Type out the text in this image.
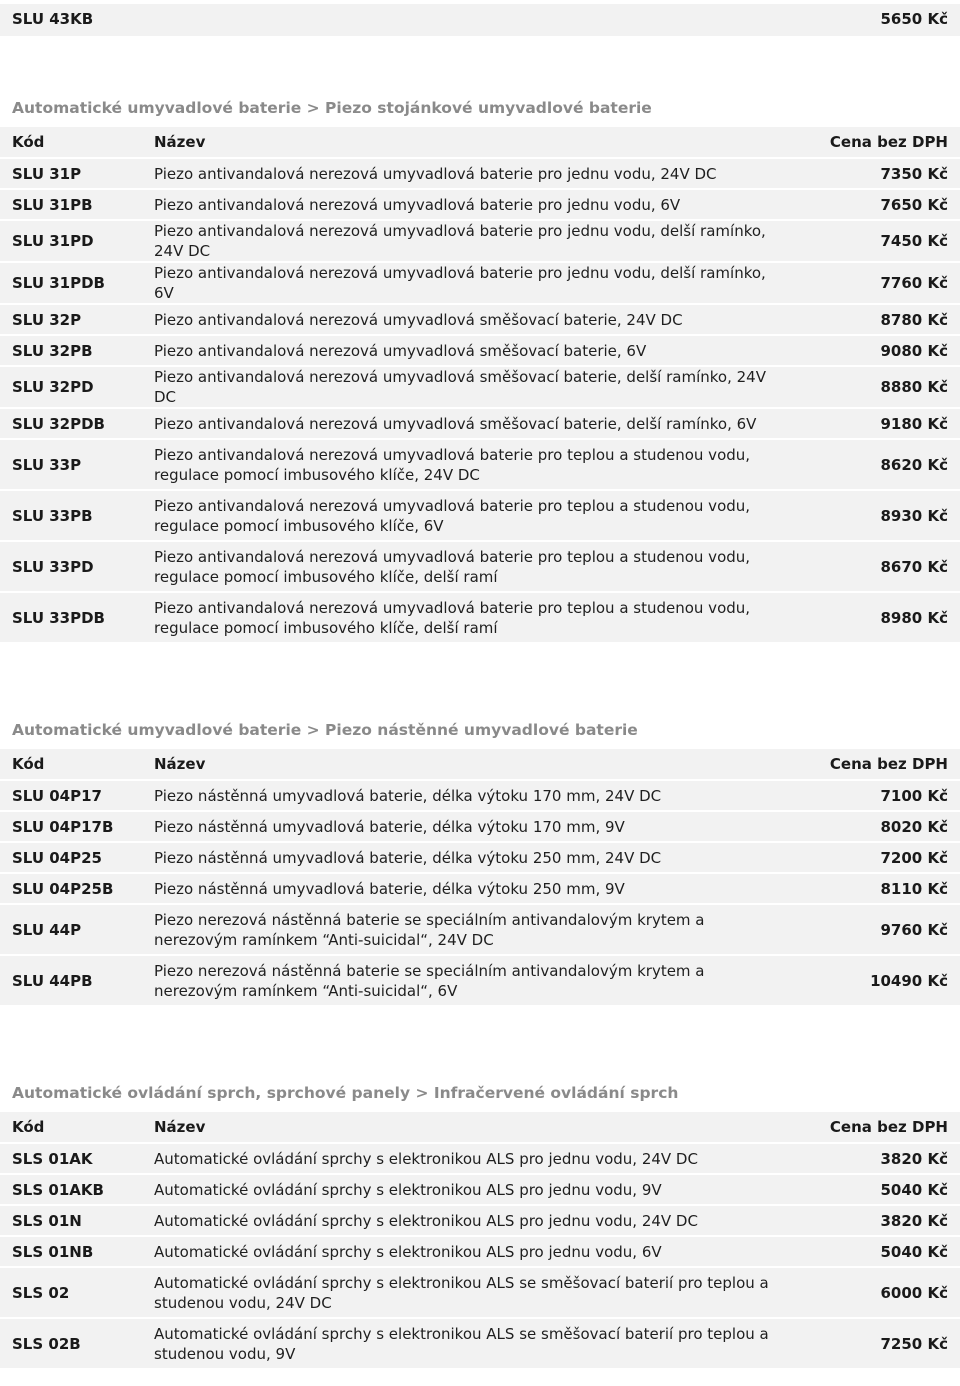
SLU 43KB	5650 Kč
Automatické umyvadlové baterie > Piezo stojánkové umyvadlové baterie
Kód	Název	Cena bez DPH
SLU 31P	Piezo antivandalová nerezová umyvadlová baterie pro jednu vodu, 24V DC	7350 Kč
SLU 31PB	Piezo antivandalová nerezová umyvadlová baterie pro jednu vodu, 6V	7650 Kč
SLU 31PD	Piezo antivandalová nerezová umyvadlová baterie pro jednu vodu, delší ramínko, 24V DC	7450 Kč
SLU 31PDB	Piezo antivandalová nerezová umyvadlová baterie pro jednu vodu, delší ramínko, 6V	7760 Kč
SLU 32P	Piezo antivandalová nerezová umyvadlová směšovací baterie, 24V DC	8780 Kč
SLU 32PB	Piezo antivandalová nerezová umyvadlová směšovací baterie, 6V	9080 Kč
SLU 32PD	Piezo antivandalová nerezová umyvadlová směšovací baterie, delší ramínko, 24V DC	8880 Kč
SLU 32PDB	Piezo antivandalová nerezová umyvadlová směšovací baterie, delší ramínko, 6V	9180 Kč
SLU 33P	Piezo antivandalová nerezová umyvadlová baterie pro teplou a studenou vodu, regulace pomocí imbusového klíče, 24V DC	8620 Kč
SLU 33PB	Piezo antivandalová nerezová umyvadlová baterie pro teplou a studenou vodu, regulace pomocí imbusového klíče, 6V	8930 Kč
SLU 33PD	Piezo antivandalová nerezová umyvadlová baterie pro teplou a studenou vodu, regulace pomocí imbusového klíče, delší ramí	8670 Kč
SLU 33PDB	Piezo antivandalová nerezová umyvadlová baterie pro teplou a studenou vodu, regulace pomocí imbusového klíče, delší ramí	8980 Kč
Automatické umyvadlové baterie > Piezo nástěnné umyvadlové baterie
Kód	Název	Cena bez DPH
SLU 04P17	Piezo nástěnná umyvadlová baterie, délka výtoku 170 mm, 24V DC	7100 Kč
SLU 04P17B	Piezo nástěnná umyvadlová baterie, délka výtoku 170 mm, 9V	8020 Kč
SLU 04P25	Piezo nástěnná umyvadlová baterie, délka výtoku 250 mm, 24V DC	7200 Kč
SLU 04P25B	Piezo nástěnná umyvadlová baterie, délka výtoku 250 mm, 9V	8110 Kč
SLU 44P	Piezo nerezová nástěnná baterie se speciálním antivandalovým krytem a nerezovým ramínkem “Anti-suicidal“, 24V DC	9760 Kč
SLU 44PB	Piezo nerezová nástěnná baterie se speciálním antivandalovým krytem a nerezovým ramínkem “Anti-suicidal“, 6V	10490 Kč
Automatické ovládání sprch, sprchové panely > Infračervené ovládání sprch
Kód	Název	Cena bez DPH
SLS 01AK	Automatické ovládání sprchy s elektronikou ALS pro jednu vodu, 24V DC	3820 Kč
SLS 01AKB	Automatické ovládání sprchy s elektronikou ALS pro jednu vodu, 9V	5040 Kč
SLS 01N	Automatické ovládání sprchy s elektronikou ALS pro jednu vodu, 24V DC	3820 Kč
SLS 01NB	Automatické ovládání sprchy s elektronikou ALS pro jednu vodu, 6V	5040 Kč
SLS 02	Automatické ovládání sprchy s elektronikou ALS se směšovací baterií pro teplou a studenou vodu, 24V DC	6000 Kč
SLS 02B	Automatické ovládání sprchy s elektronikou ALS se směšovací baterií pro teplou a studenou vodu, 9V	7250 Kč
